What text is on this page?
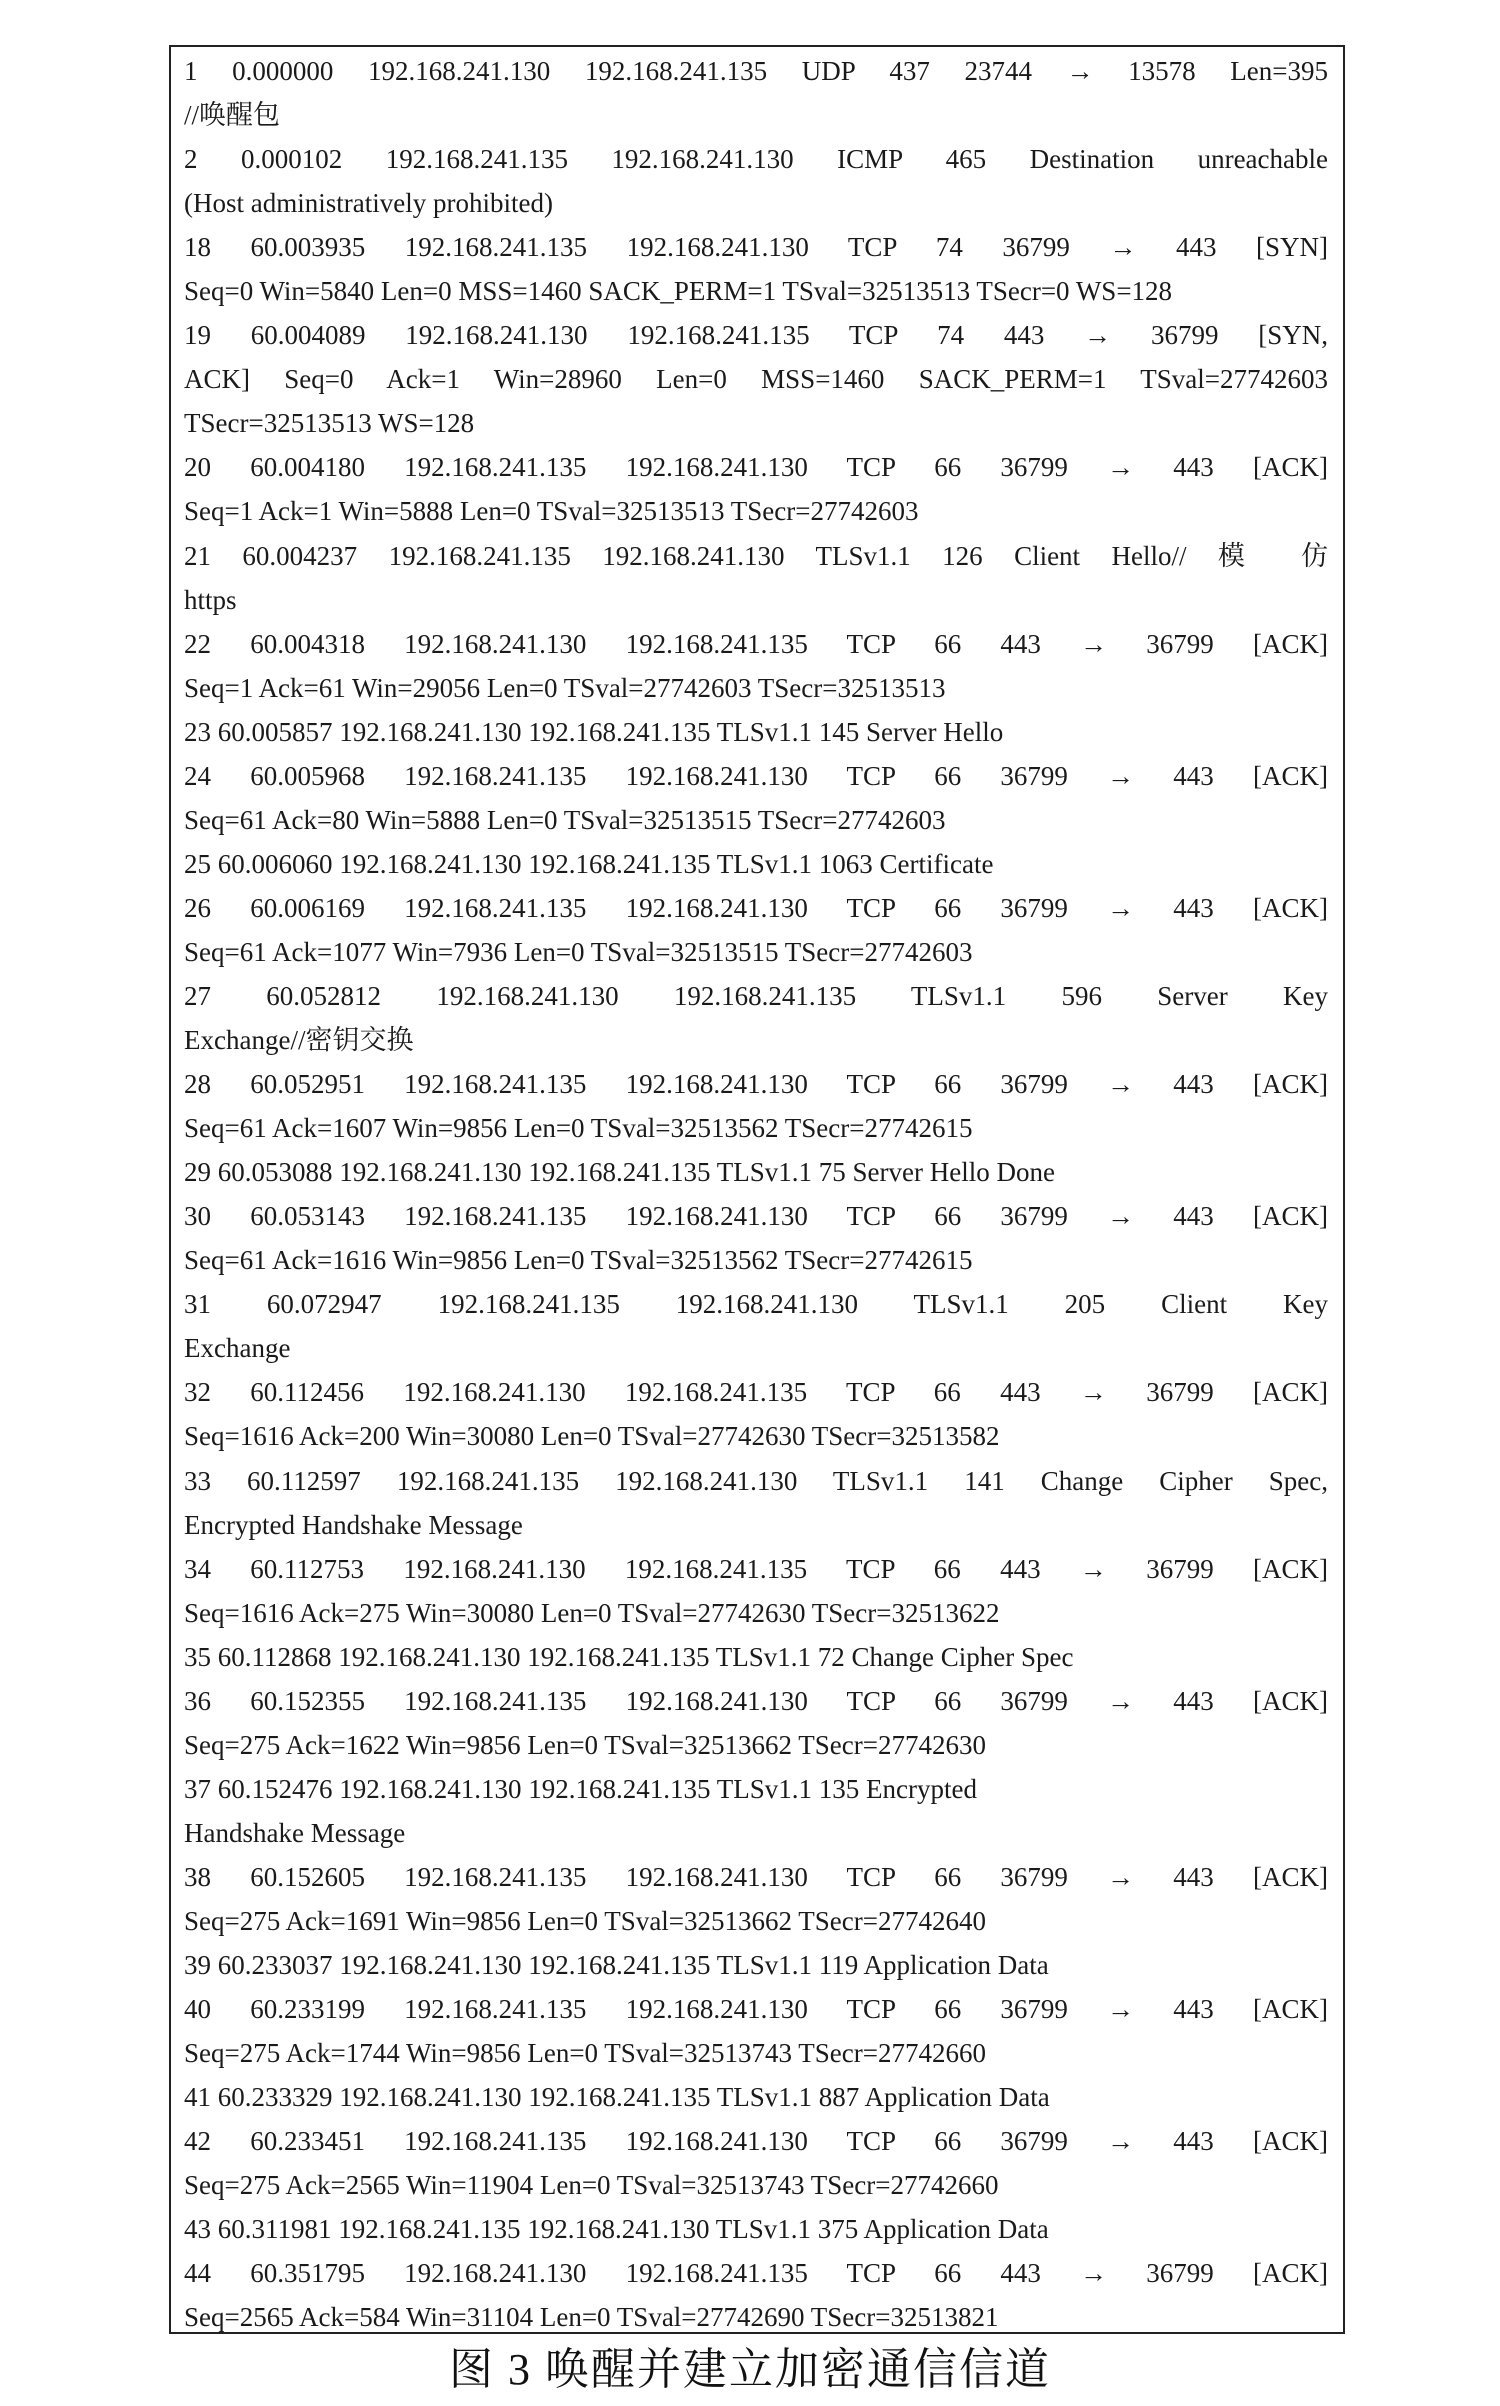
1 0.000000 192.168.241.130 192.168.241.135 UDP 437 23744 → 13578 Len=395
//唤醒包
2 0.000102 192.168.241.135 192.168.241.130 ICMP 465 Destination unreachable
(Host administratively prohibited)
18 60.003935 192.168.241.135 192.168.241.130 TCP 74 36799 → 443 [SYN]
Seq=0 Win=5840 Len=0 MSS=1460 SACK_PERM=1 TSval=32513513 TSecr=0 WS=128
19 60.004089 192.168.241.130 192.168.241.135 TCP 74 443 → 36799 [SYN,
ACK] Seq=0 Ack=1 Win=28960 Len=0 MSS=1460 SACK_PERM=1 TSval=27742603
TSecr=32513513 WS=128
20 60.004180 192.168.241.135 192.168.241.130 TCP 66 36799 → 443 [ACK]
Seq=1 Ack=1 Win=5888 Len=0 TSval=32513513 TSecr=27742603
21 60.004237 192.168.241.135 192.168.241.130 TLSv1.1 126 Client Hello// 模 仿
https
22 60.004318 192.168.241.130 192.168.241.135 TCP 66 443 → 36799 [ACK]
Seq=1 Ack=61 Win=29056 Len=0 TSval=27742603 TSecr=32513513
23 60.005857 192.168.241.130 192.168.241.135 TLSv1.1 145 Server Hello
24 60.005968 192.168.241.135 192.168.241.130 TCP 66 36799 → 443 [ACK]
Seq=61 Ack=80 Win=5888 Len=0 TSval=32513515 TSecr=27742603
25 60.006060 192.168.241.130 192.168.241.135 TLSv1.1 1063 Certificate
26 60.006169 192.168.241.135 192.168.241.130 TCP 66 36799 → 443 [ACK]
Seq=61 Ack=1077 Win=7936 Len=0 TSval=32513515 TSecr=27742603
27 60.052812 192.168.241.130 192.168.241.135 TLSv1.1 596 Server Key
Exchange//密钥交换
28 60.052951 192.168.241.135 192.168.241.130 TCP 66 36799 → 443 [ACK]
Seq=61 Ack=1607 Win=9856 Len=0 TSval=32513562 TSecr=27742615
29 60.053088 192.168.241.130 192.168.241.135 TLSv1.1 75 Server Hello Done
30 60.053143 192.168.241.135 192.168.241.130 TCP 66 36799 → 443 [ACK]
Seq=61 Ack=1616 Win=9856 Len=0 TSval=32513562 TSecr=27742615
31 60.072947 192.168.241.135 192.168.241.130 TLSv1.1 205 Client Key
Exchange
32 60.112456 192.168.241.130 192.168.241.135 TCP 66 443 → 36799 [ACK]
Seq=1616 Ack=200 Win=30080 Len=0 TSval=27742630 TSecr=32513582
33 60.112597 192.168.241.135 192.168.241.130 TLSv1.1 141 Change Cipher Spec,
Encrypted Handshake Message
34 60.112753 192.168.241.130 192.168.241.135 TCP 66 443 → 36799 [ACK]
Seq=1616 Ack=275 Win=30080 Len=0 TSval=27742630 TSecr=32513622
35 60.112868 192.168.241.130 192.168.241.135 TLSv1.1 72 Change Cipher Spec
36 60.152355 192.168.241.135 192.168.241.130 TCP 66 36799 → 443 [ACK]
Seq=275 Ack=1622 Win=9856 Len=0 TSval=32513662 TSecr=27742630
37 60.152476 192.168.241.130 192.168.241.135 TLSv1.1 135 Encrypted
Handshake Message
38 60.152605 192.168.241.135 192.168.241.130 TCP 66 36799 → 443 [ACK]
Seq=275 Ack=1691 Win=9856 Len=0 TSval=32513662 TSecr=27742640
39 60.233037 192.168.241.130 192.168.241.135 TLSv1.1 119 Application Data
40 60.233199 192.168.241.135 192.168.241.130 TCP 66 36799 → 443 [ACK]
Seq=275 Ack=1744 Win=9856 Len=0 TSval=32513743 TSecr=27742660
41 60.233329 192.168.241.130 192.168.241.135 TLSv1.1 887 Application Data
42 60.233451 192.168.241.135 192.168.241.130 TCP 66 36799 → 443 [ACK]
Seq=275 Ack=2565 Win=11904 Len=0 TSval=32513743 TSecr=27742660
43 60.311981 192.168.241.135 192.168.241.130 TLSv1.1 375 Application Data
44 60.351795 192.168.241.130 192.168.241.135 TCP 66 443 → 36799 [ACK]
Seq=2565 Ack=584 Win=31104 Len=0 TSval=27742690 TSecr=32513821
图 3 唤醒并建立加密通信信道
